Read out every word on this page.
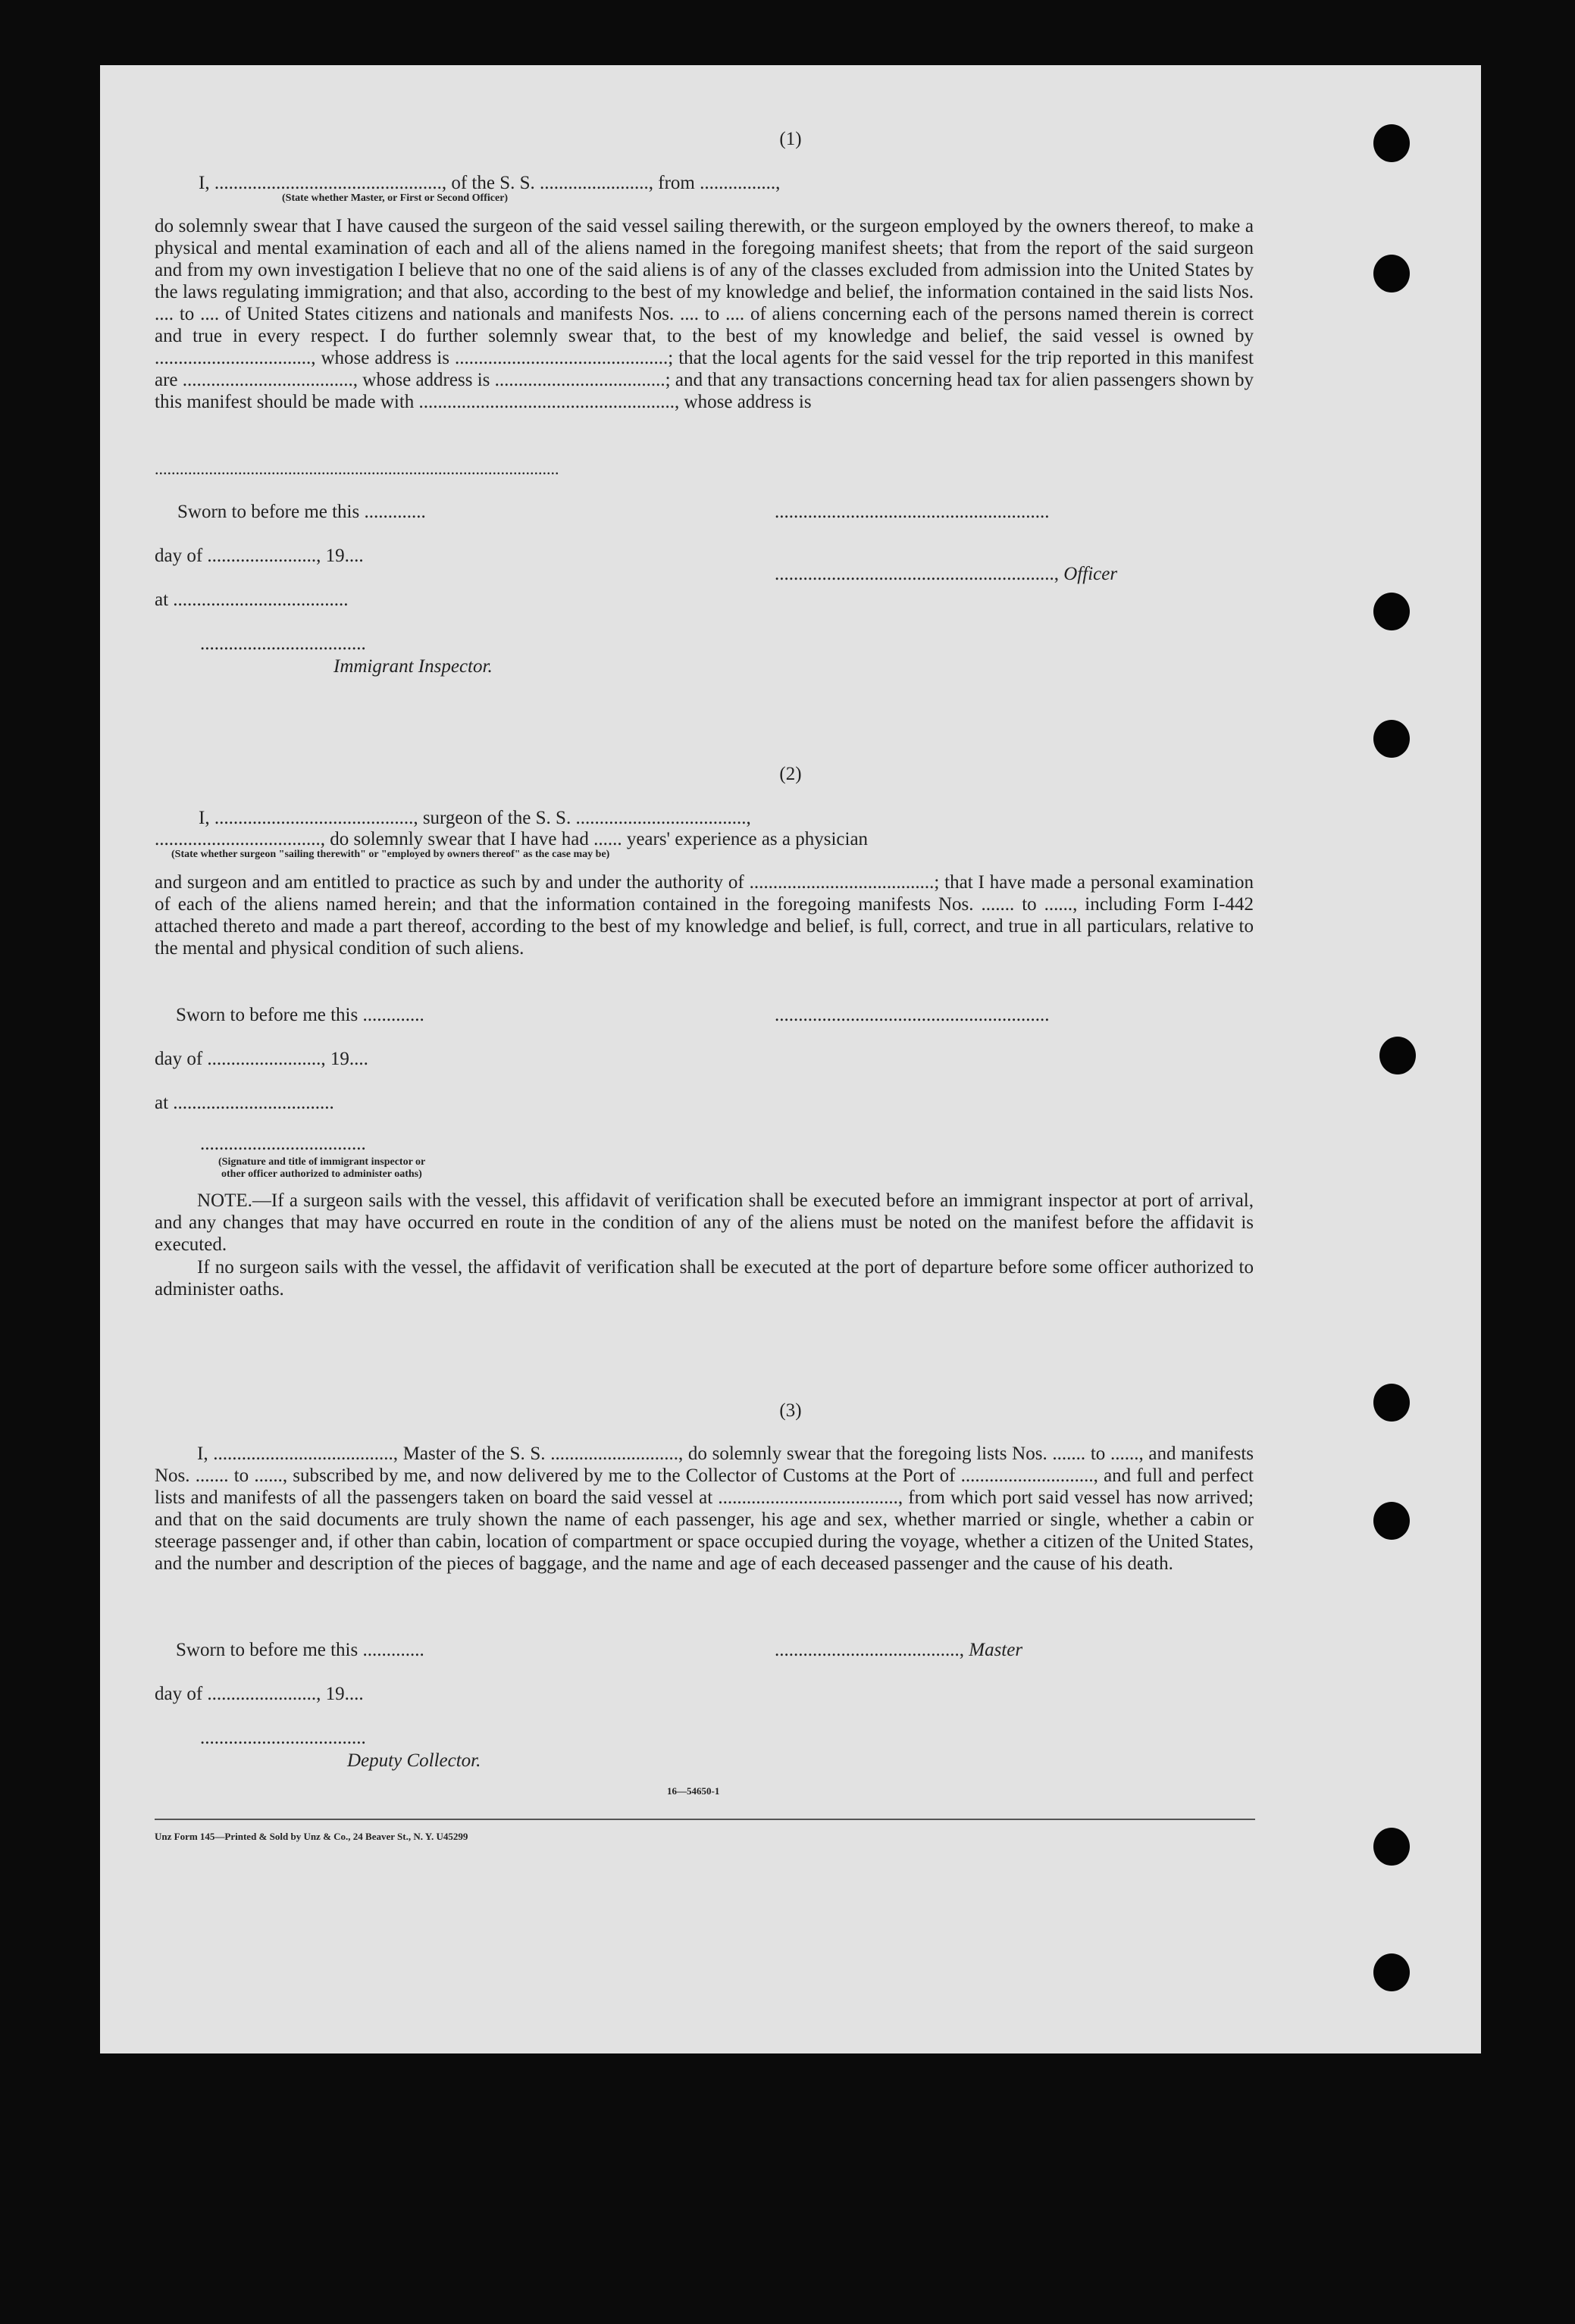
(1)
I, ................................................, of the S. S. ......................., from ................,
(State whether Master, or First or Second Officer)
do solemnly swear that I have caused the surgeon of the said vessel sailing therewith, or the surgeon employed by the owners thereof, to make a physical and mental examination of each and all of the aliens named in the foregoing manifest sheets; that from the report of the said surgeon and from my own investigation I believe that no one of the said aliens is of any of the classes excluded from admission into the United States by the laws regulating immigration; and that also, according to the best of my knowledge and belief, the information contained in the said lists Nos. .... to .... of United States citizens and nationals and manifests Nos. .... to .... of aliens concerning each of the persons named therein is correct and true in every respect. I do further solemnly swear that, to the best of my knowledge and belief, the said vessel is owned by ................................., whose address is .............................................; that the local agents for the said vessel for the trip reported in this manifest are ...................................., whose address is ....................................; and that any transactions concerning head tax for alien passengers shown by this manifest should be made with ......................................................, whose address is
.................................................................................................
Sworn to before me this .............	..........................................................
day of ......................., 19....
..........................................................., Officer
at .....................................
...................................
Immigrant Inspector.
(2)
I, .........................................., surgeon of the S. S. ....................................,
..................................., do solemnly swear that I have had ...... years' experience as a physician
(State whether surgeon "sailing therewith" or "employed by owners thereof" as the case may be)
and surgeon and am entitled to practice as such by and under the authority of .......................................; that I have made a personal examination of each of the aliens named herein; and that the information contained in the foregoing manifests Nos. ....... to ......, including Form I-442 attached thereto and made a part thereof, according to the best of my knowledge and belief, is full, correct, and true in all particulars, relative to the mental and physical condition of such aliens.
Sworn to before me this .............	..........................................................
day of ........................, 19....
at ..................................
...................................
(Signature and title of immigrant inspector or
other officer authorized to administer oaths)
NOTE.—If a surgeon sails with the vessel, this affidavit of verification shall be executed before an immigrant inspector at port of arrival, and any changes that may have occurred en route in the condition of any of the aliens must be noted on the manifest before the affidavit is executed.
If no surgeon sails with the vessel, the affidavit of verification shall be executed at the port of departure before some officer authorized to administer oaths.
(3)
I, ......................................, Master of the S. S. ..........................., do solemnly swear that the foregoing lists Nos. ....... to ......, and manifests Nos. ....... to ......, subscribed by me, and now delivered by me to the Collector of Customs at the Port of ............................, and full and perfect lists and manifests of all the passengers taken on board the said vessel at ......................................, from which port said vessel has now arrived; and that on the said documents are truly shown the name of each passenger, his age and sex, whether married or single, whether a cabin or steerage passenger and, if other than cabin, location of compartment or space occupied during the voyage, whether a citizen of the United States, and the number and description of the pieces of baggage, and the name and age of each deceased passenger and the cause of his death.
Sworn to before me this .............	......................................., Master
day of ......................., 19....
...................................
Deputy Collector.
16—54650-1
Unz Form 145—Printed & Sold by Unz & Co., 24 Beaver St., N. Y. U45299
